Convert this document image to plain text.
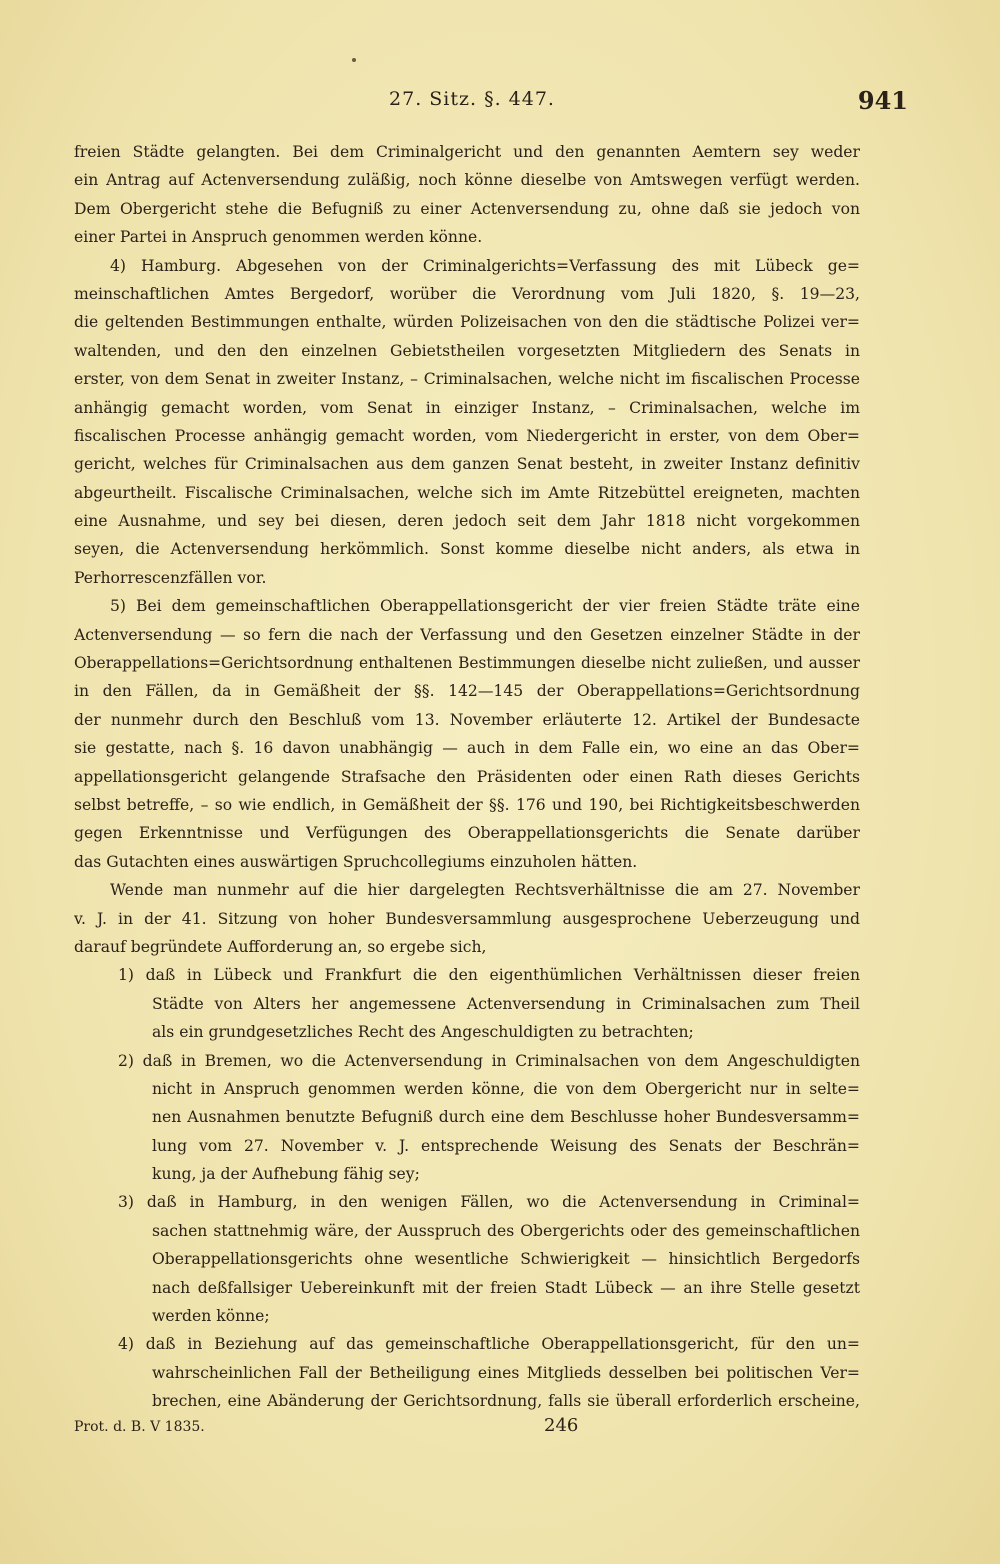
27. Sitz. §. 447.	941
freien Städte gelangten. Bei dem Criminalgericht und den genannten Aemtern sey weder
ein Antrag auf Actenversendung zuläßig, noch könne dieselbe von Amtswegen verfügt werden.
Dem Obergericht stehe die Befugniß zu einer Actenversendung zu, ohne daß sie jedoch von
einer Partei in Anspruch genommen werden könne.
4) Hamburg. Abgesehen von der Criminalgerichts=Verfassung des mit Lübeck ge=
meinschaftlichen Amtes Bergedorf, worüber die Verordnung vom Juli 1820, §. 19—23,
die geltenden Bestimmungen enthalte, würden Polizeisachen von den die städtische Polizei ver=
waltenden, und den den einzelnen Gebietstheilen vorgesetzten Mitgliedern des Senats in
erster, von dem Senat in zweiter Instanz, – Criminalsachen, welche nicht im fiscalischen Processe
anhängig gemacht worden, vom Senat in einziger Instanz, – Criminalsachen, welche im
fiscalischen Processe anhängig gemacht worden, vom Niedergericht in erster, von dem Ober=
gericht, welches für Criminalsachen aus dem ganzen Senat besteht, in zweiter Instanz definitiv
abgeurtheilt. Fiscalische Criminalsachen, welche sich im Amte Ritzebüttel ereigneten, machten
eine Ausnahme, und sey bei diesen, deren jedoch seit dem Jahr 1818 nicht vorgekommen
seyen, die Actenversendung herkömmlich. Sonst komme dieselbe nicht anders, als etwa in
Perhorrescenzfällen vor.
5) Bei dem gemeinschaftlichen Oberappellationsgericht der vier freien Städte träte eine
Actenversendung — so fern die nach der Verfassung und den Gesetzen einzelner Städte in der
Oberappellations=Gerichtsordnung enthaltenen Bestimmungen dieselbe nicht zuließen, und ausser
in den Fällen, da in Gemäßheit der §§. 142—145 der Oberappellations=Gerichtsordnung
der nunmehr durch den Beschluß vom 13. November erläuterte 12. Artikel der Bundesacte
sie gestatte, nach §. 16 davon unabhängig — auch in dem Falle ein, wo eine an das Ober=
appellationsgericht gelangende Strafsache den Präsidenten oder einen Rath dieses Gerichts
selbst betreffe, – so wie endlich, in Gemäßheit der §§. 176 und 190, bei Richtigkeitsbeschwerden
gegen Erkenntnisse und Verfügungen des Oberappellationsgerichts die Senate darüber
das Gutachten eines auswärtigen Spruchcollegiums einzuholen hätten.
Wende man nunmehr auf die hier dargelegten Rechtsverhältnisse die am 27. November
v. J. in der 41. Sitzung von hoher Bundesversammlung ausgesprochene Ueberzeugung und
darauf begründete Aufforderung an, so ergebe sich,
1) daß in Lübeck und Frankfurt die den eigenthümlichen Verhältnissen dieser freien
Städte von Alters her angemessene Actenversendung in Criminalsachen zum Theil
als ein grundgesetzliches Recht des Angeschuldigten zu betrachten;
2) daß in Bremen, wo die Actenversendung in Criminalsachen von dem Angeschuldigten
nicht in Anspruch genommen werden könne, die von dem Obergericht nur in selte=
nen Ausnahmen benutzte Befugniß durch eine dem Beschlusse hoher Bundesversamm=
lung vom 27. November v. J. entsprechende Weisung des Senats der Beschrän=
kung, ja der Aufhebung fähig sey;
3) daß in Hamburg, in den wenigen Fällen, wo die Actenversendung in Criminal=
sachen stattnehmig wäre, der Ausspruch des Obergerichts oder des gemeinschaftlichen
Oberappellationsgerichts ohne wesentliche Schwierigkeit — hinsichtlich Bergedorfs
nach deßfallsiger Uebereinkunft mit der freien Stadt Lübeck — an ihre Stelle gesetzt
werden könne;
4) daß in Beziehung auf das gemeinschaftliche Oberappellationsgericht, für den un=
wahrscheinlichen Fall der Betheiligung eines Mitglieds desselben bei politischen Ver=
brechen, eine Abänderung der Gerichtsordnung, falls sie überall erforderlich erscheine,
Prot. d. B. V 1835.	246
